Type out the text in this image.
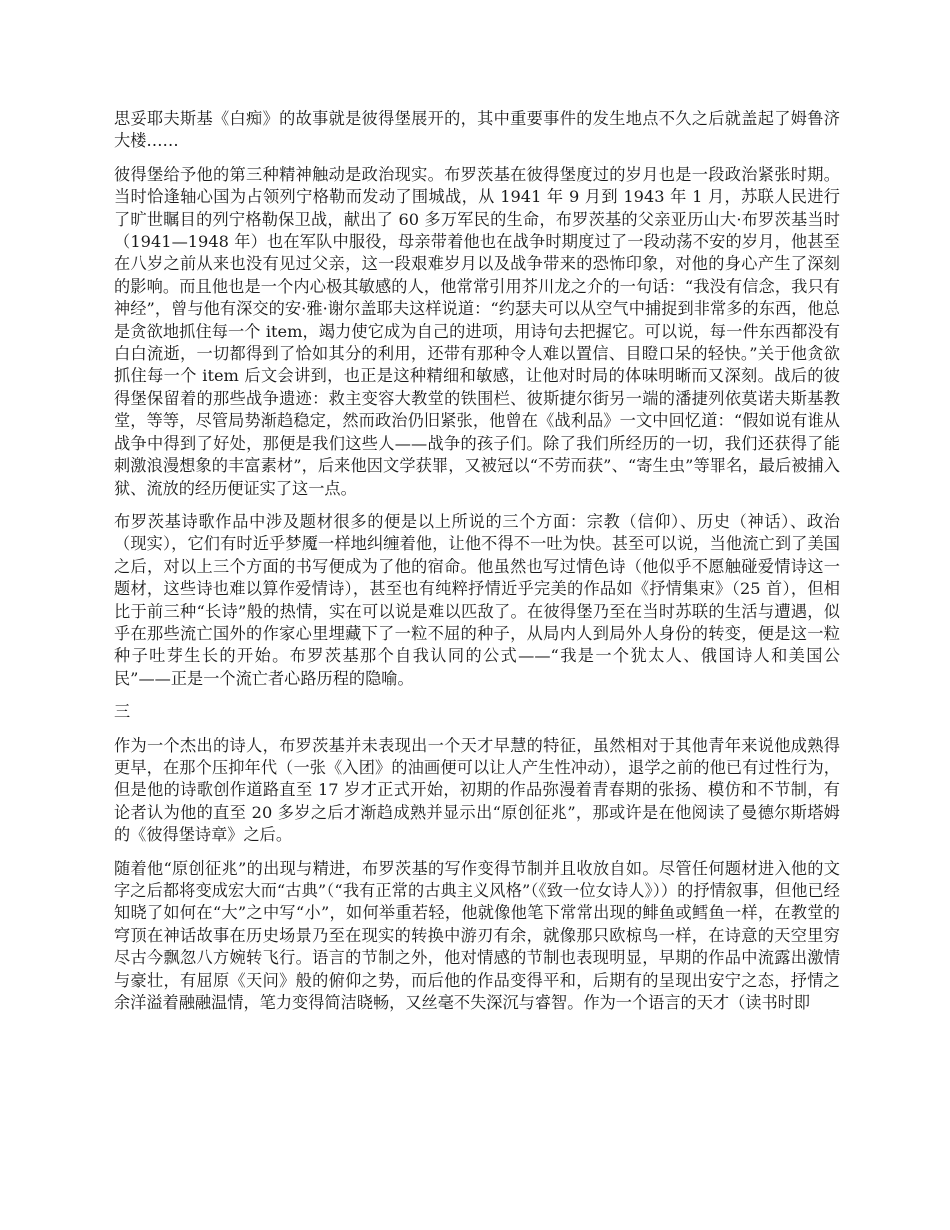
思妥耶夫斯基《白痴》的故事就是彼得堡展开的，其中重要事件的发生地点不久之后就盖起了姆鲁济大楼……

彼得堡给予他的第三种精神触动是政治现实。布罗茨基在彼得堡度过的岁月也是一段政治紧张时期。当时恰逢轴心国为占领列宁格勒而发动了围城战，从 1941 年 9 月到 1943 年 1 月，苏联人民进行了旷世瞩目的列宁格勒保卫战，献出了 60 多万军民的生命，布罗茨基的父亲亚历山大·布罗茨基当时（1941—1948 年）也在军队中服役，母亲带着他也在战争时期度过了一段动荡不安的岁月，他甚至在八岁之前从来也没有见过父亲，这一段艰难岁月以及战争带来的恐怖印象，对他的身心产生了深刻的影响。而且他也是一个内心极其敏感的人，他常常引用芥川龙之介的一句话：“我没有信念，我只有神经”，曾与他有深交的安·雅·谢尔盖耶夫这样说道：“约瑟夫可以从空气中捕捉到非常多的东西，他总是贪欲地抓住每一个 item，竭力使它成为自己的进项，用诗句去把握它。可以说，每一件东西都没有白白流逝，一切都得到了恰如其分的利用，还带有那种令人难以置信、目瞪口呆的轻快。”关于他贪欲抓住每一个 item 后文会讲到，也正是这种精细和敏感，让他对时局的体味明晰而又深刻。战后的彼得堡保留着的那些战争遗迹：救主变容大教堂的铁围栏、彼斯捷尔街另一端的潘捷列依莫诺夫斯基教堂，等等，尽管局势渐趋稳定，然而政治仍旧紧张，他曾在《战利品》一文中回忆道：“假如说有谁从战争中得到了好处，那便是我们这些人——战争的孩子们。除了我们所经历的一切，我们还获得了能刺激浪漫想象的丰富素材”，后来他因文学获罪，又被冠以“不劳而获”、“寄生虫”等罪名，最后被捕入狱、流放的经历便证实了这一点。

布罗茨基诗歌作品中涉及题材很多的便是以上所说的三个方面：宗教（信仰）、历史（神话）、政治（现实），它们有时近乎梦魇一样地纠缠着他，让他不得不一吐为快。甚至可以说，当他流亡到了美国之后，对以上三个方面的书写便成为了他的宿命。他虽然也写过情色诗（他似乎不愿触碰爱情诗这一题材，这些诗也难以算作爱情诗），甚至也有纯粹抒情近乎完美的作品如《抒情集束》（25 首），但相比于前三种“长诗”般的热情，实在可以说是难以匹敌了。在彼得堡乃至在当时苏联的生活与遭遇，似乎在那些流亡国外的作家心里埋藏下了一粒不屈的种子，从局内人到局外人身份的转变，便是这一粒种子吐芽生长的开始。布罗茨基那个自我认同的公式——“我是一个犹太人、俄国诗人和美国公民”——正是一个流亡者心路历程的隐喻。

三

作为一个杰出的诗人，布罗茨基并未表现出一个天才早慧的特征，虽然相对于其他青年来说他成熟得更早，在那个压抑年代（一张《入团》的油画便可以让人产生性冲动），退学之前的他已有过性行为，但是他的诗歌创作道路直至 17 岁才正式开始，初期的作品弥漫着青春期的张扬、模仿和不节制，有论者认为他的直至 20 多岁之后才渐趋成熟并显示出“原创征兆”，那或许是在他阅读了曼德尔斯塔姆的《彼得堡诗章》之后。

随着他“原创征兆”的出现与精进，布罗茨基的写作变得节制并且收放自如。尽管任何题材进入他的文字之后都将变成宏大而“古典”（“我有正常的古典主义风格”（《致一位女诗人》））的抒情叙事，但他已经知晓了如何在“大”之中写“小”，如何举重若轻，他就像他笔下常常出现的鲱鱼或鳕鱼一样，在教堂的穹顶在神话故事在历史场景乃至在现实的转换中游刃有余，就像那只欧椋鸟一样，在诗意的天空里穷尽古今飘忽八方婉转飞行。语言的节制之外，他对情感的节制也表现明显，早期的作品中流露出激情与豪壮，有屈原《天问》般的俯仰之势，而后他的作品变得平和，后期有的呈现出安宁之态，抒情之余洋溢着融融温情，笔力变得简洁晓畅，又丝毫不失深沉与睿智。作为一个语言的天才（读书时即
